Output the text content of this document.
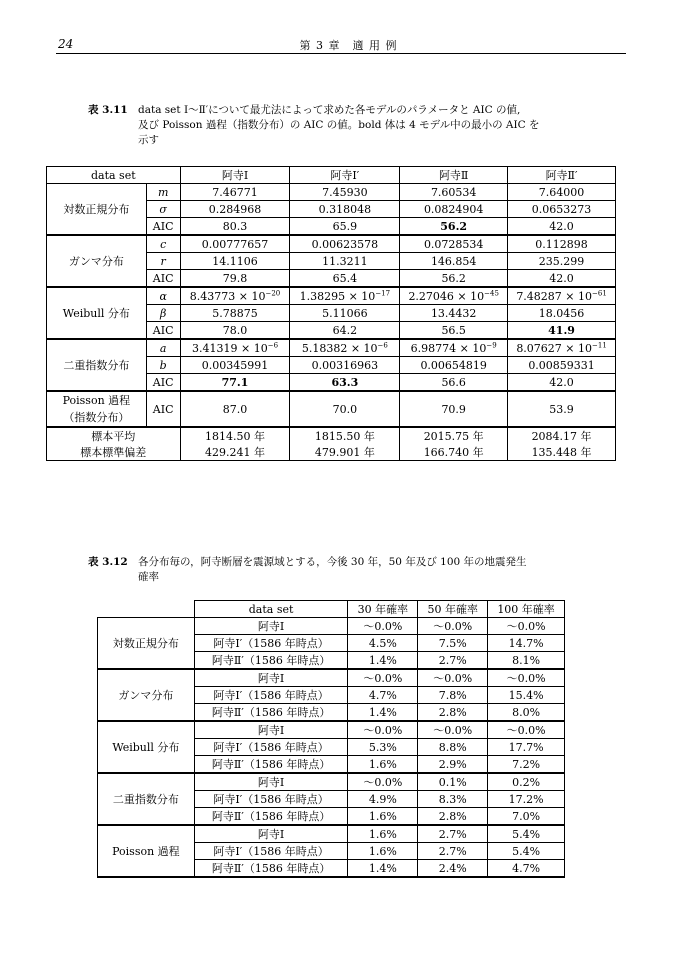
24	第 3 章　適 用 例
表 3.11 data set I〜Ⅱ′について最尤法によって求めた各モデルのパラメータと AIC の値,
及び Poisson 過程（指数分布）の AIC の値。bold 体は 4 モデル中の最小の AIC を
示す
data set		阿寺Ⅰ	阿寺Ⅰ′	阿寺Ⅱ	阿寺Ⅱ′
対数正規分布	m	7.46771	7.45930	7.60534	7.64000
	σ	0.284968	0.318048	0.0824904	0.0653273
	AIC	80.3	65.9	56.2	42.0
ガンマ分布	c	0.00777657	0.00623578	0.0728534	0.112898
	r	14.1106	11.3211	146.854	235.299
	AIC	79.8	65.4	56.2	42.0
Weibull 分布	α	$8.43773 \times 10^{-20}$	$1.38295 \times 10^{-17}$	$2.27046 \times 10^{-45}$	$7.48287 \times 10^{-61}$
	β	5.78875	5.11066	13.4432	18.0456
	AIC	78.0	64.2	56.5	41.9
二重指数分布	a	$3.41319 \times 10^{-6}$	$5.18382 \times 10^{-6}$	$6.98774 \times 10^{-9}$	$8.07627 \times 10^{-11}$
	b	0.00345991	0.00316963	0.00654819	0.00859331
	AIC	77.1	63.3	56.6	42.0

Poisson 過程
（指数分布）	AIC	87.0	70.0	70.9	53.9
標本平均		1814.50 年	1815.50 年	2015.75 年	2084.17 年
標本標準偏差		429.241 年	479.901 年	166.740 年	135.448 年
表 3.12 各分布毎の，阿寺断層を震源域とする，今後 30 年，50 年及び 100 年の地震発生
確率
	data set	30 年確率	50 年確率	100 年確率
対数正規分布	阿寺Ⅰ	〜0.0%	〜0.0%	〜0.0%
	阿寺Ⅰ′（1586 年時点）	4.5%	7.5%	14.7%
	阿寺Ⅱ′（1586 年時点）	1.4%	2.7%	8.1%
ガンマ分布	阿寺Ⅰ	〜0.0%	〜0.0%	〜0.0%
	阿寺Ⅰ′（1586 年時点）	4.7%	7.8%	15.4%
	阿寺Ⅱ′（1586 年時点）	1.4%	2.8%	8.0%
Weibull 分布	阿寺Ⅰ	〜0.0%	〜0.0%	〜0.0%
	阿寺Ⅰ′（1586 年時点）	5.3%	8.8%	17.7%
	阿寺Ⅱ′（1586 年時点）	1.6%	2.9%	7.2%
二重指数分布	阿寺Ⅰ	〜0.0%	0.1%	0.2%
	阿寺Ⅰ′（1586 年時点）	4.9%	8.3%	17.2%
	阿寺Ⅱ′（1586 年時点）	1.6%	2.8%	7.0%
Poisson 過程	阿寺Ⅰ	1.6%	2.7%	5.4%
	阿寺Ⅰ′（1586 年時点）	1.6%	2.7%	5.4%
	阿寺Ⅱ′（1586 年時点）	1.4%	2.4%	4.7%
